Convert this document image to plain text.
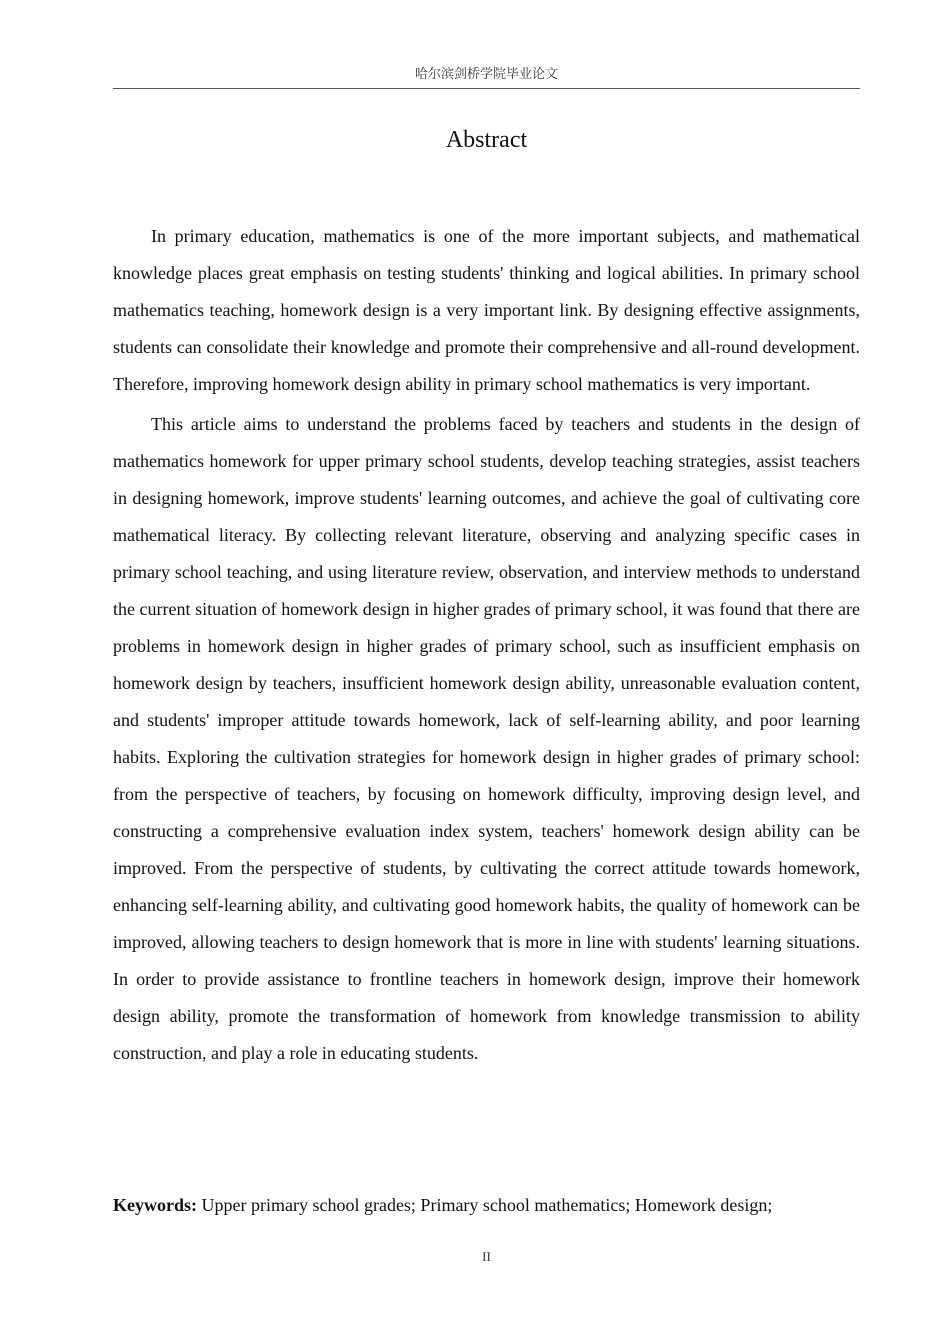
哈尔滨剑桥学院毕业论文
Abstract

In primary education, mathematics is one of the more important subjects, and mathematical knowledge places great emphasis on testing students' thinking and logical abilities. In primary school mathematics teaching, homework design is a very important link. By designing effective assignments, students can consolidate their knowledge and promote their comprehensive and all-round development. Therefore, improving homework design ability in primary school mathematics is very important.

This article aims to understand the problems faced by teachers and students in the design of mathematics homework for upper primary school students, develop teaching strategies, assist teachers in designing homework, improve students' learning outcomes, and achieve the goal of cultivating core mathematical literacy. By collecting relevant literature, observing and analyzing specific cases in primary school teaching, and using literature review, observation, and interview methods to understand the current situation of homework design in higher grades of primary school, it was found that there are problems in homework design in higher grades of primary school, such as insufficient emphasis on homework design by teachers, insufficient homework design ability, unreasonable evaluation content, and students' improper attitude towards homework, lack of self-learning ability, and poor learning habits. Exploring the cultivation strategies for homework design in higher grades of primary school: from the perspective of teachers, by focusing on homework difficulty, improving design level, and constructing a comprehensive evaluation index system, teachers' homework design ability can be improved. From the perspective of students, by cultivating the correct attitude towards homework, enhancing self-learning ability, and cultivating good homework habits, the quality of homework can be improved, allowing teachers to design homework that is more in line with students' learning situations. In order to provide assistance to frontline teachers in homework design, improve their homework design ability, promote the transformation of homework from knowledge transmission to ability construction, and play a role in educating students.

Keywords: Upper primary school grades; Primary school mathematics; Homework design;
II
